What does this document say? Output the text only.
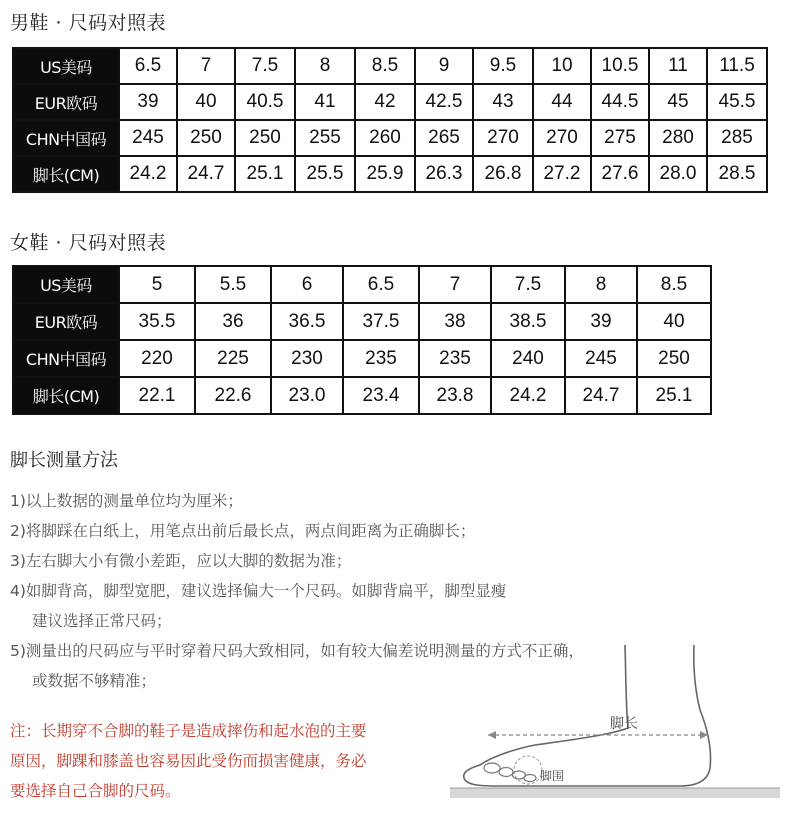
男鞋 · 尺码对照表
US美码	6.5	7	7.5	8	8.5	9	9.5	10	10.5	11	11.5
EUR欧码	39	40	40.5	41	42	42.5	43	44	44.5	45	45.5
CHN中国码	245	250	250	255	260	265	270	270	275	280	285
脚长(CM)	24.2	24.7	25.1	25.5	25.9	26.3	26.8	27.2	27.6	28.0	28.5
女鞋 · 尺码对照表
US美码	5	5.5	6	6.5	7	7.5	8	8.5
EUR欧码	35.5	36	36.5	37.5	38	38.5	39	40
CHN中国码	220	225	230	235	235	240	245	250
脚长(CM)	22.1	22.6	23.0	23.4	23.8	24.2	24.7	25.1
脚长测量方法
1)以上数据的测量单位均为厘米；
2)将脚踩在白纸上，用笔点出前后最长点，两点间距离为正确脚长；
3)左右脚大小有微小差距，应以大脚的数据为准；
4)如脚背高，脚型宽肥，建议选择偏大一个尺码。如脚背扁平，脚型显瘦
建议选择正常尺码；
5)测量出的尺码应与平时穿着尺码大致相同，如有较大偏差说明测量的方式不正确，
或数据不够精准；
注：长期穿不合脚的鞋子是造成摔伤和起水泡的主要
原因，脚踝和膝盖也容易因此受伤而损害健康，务必
要选择自己合脚的尺码。
脚长
脚围
